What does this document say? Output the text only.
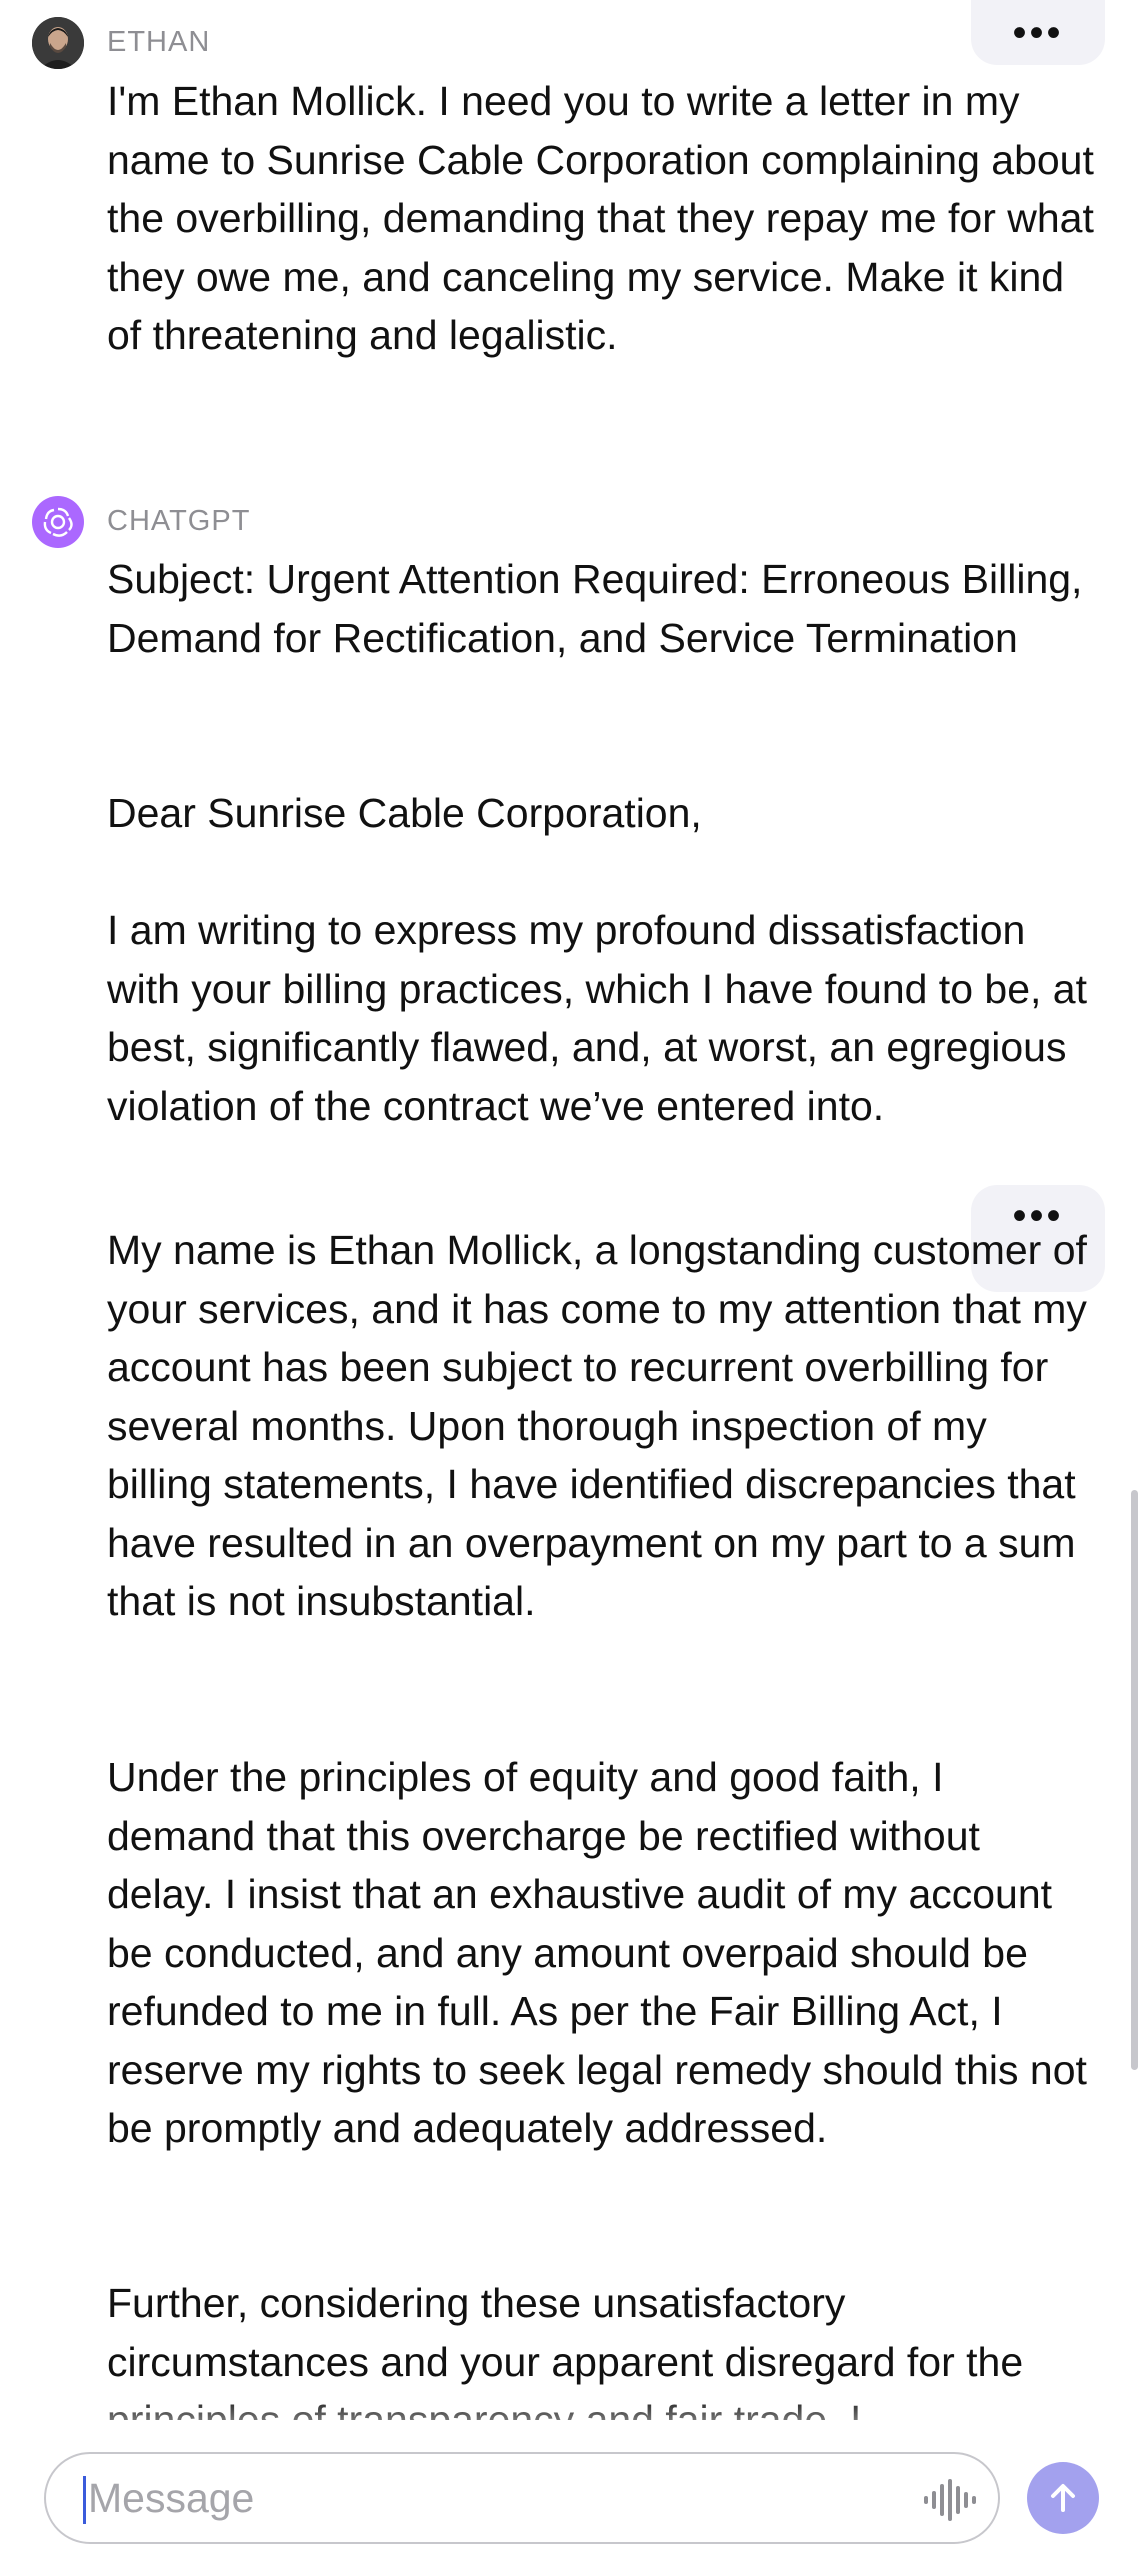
•••
ETHAN

I'm Ethan Mollick. I need you to write a letter in my name to Sunrise Cable Corporation complaining about the overbilling, demanding that they repay me for what they owe me, and canceling my service. Make it kind of threatening and legalistic.

CHATGPT

Subject: Urgent Attention Required: Erroneous Billing, Demand for Rectification, and Service Termination

Dear Sunrise Cable Corporation,

I am writing to express my profound dissatisfaction with your billing practices, which I have found to be, at best, significantly flawed, and, at worst, an egregious violation of the contract we’ve entered into.

•••

My name is Ethan Mollick, a longstanding customer of your services, and it has come to my attention that my account has been subject to recurrent overbilling for several months. Upon thorough inspection of my billing statements, I have identified discrepancies that have resulted in an overpayment on my part to a sum that is not insubstantial.

Under the principles of equity and good faith, I demand that this overcharge be rectified without delay. I insist that an exhaustive audit of my account be conducted, and any amount overpaid should be refunded to me in full. As per the Fair Billing Act, I reserve my rights to seek legal remedy should this not be promptly and adequately addressed.

Further, considering these unsatisfactory circumstances and your apparent disregard for the

Message
